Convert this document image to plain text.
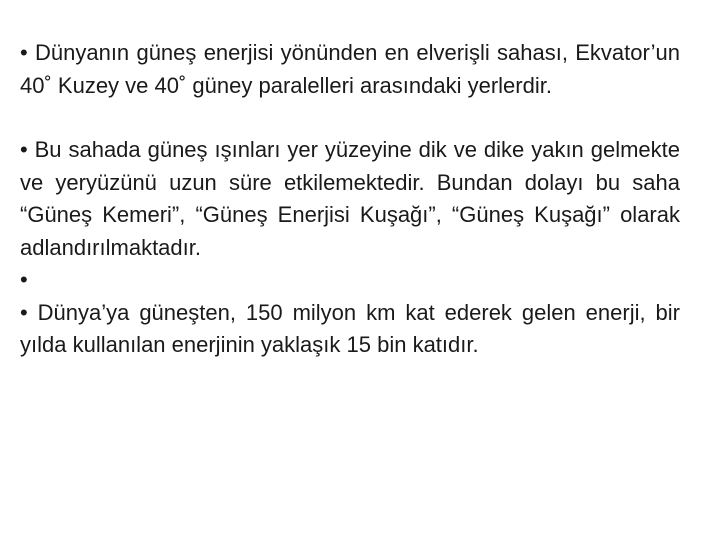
• Dünyanın güneş enerjisi yönünden en elverişli sahası, Ekvator’un 40˚ Kuzey ve 40˚ güney paralelleri arasındaki yerlerdir.

• Bu sahada güneş ışınları yer yüzeyine dik ve dike yakın gelmekte ve yeryüzünü uzun süre etkilemektedir. Bundan dolayı bu saha “Güneş Kemeri”, “Güneş Enerjisi Kuşağı”, “Güneş Kuşağı” olarak adlandırılmaktadır.

•

• Dünya’ya güneşten, 150 milyon km kat ederek gelen enerji, bir yılda kullanılan enerjinin yaklaşık 15 bin katıdır.
